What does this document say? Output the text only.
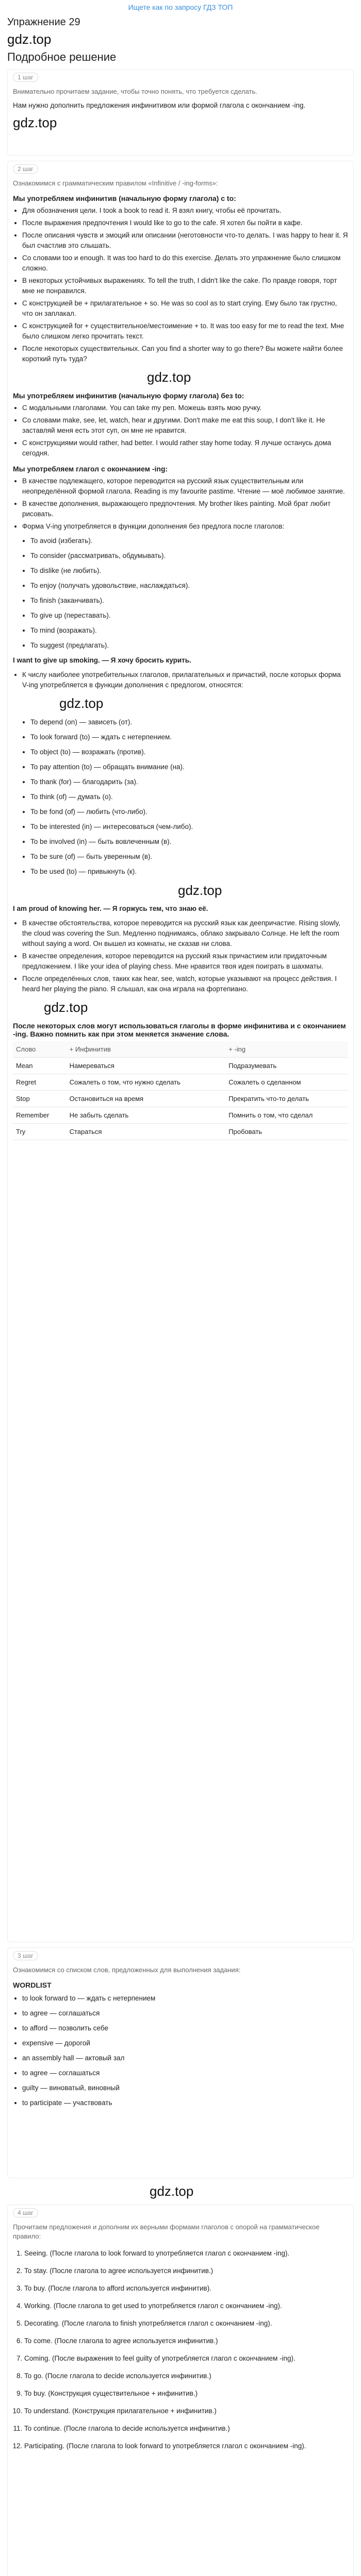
Ищете как по запросу ГДЗ ТОП
Упражнение 29
gdz.top
Подробное решение
1 шаг
Внимательно прочитаем задание, чтобы точно понять, что требуется сделать.
Нам нужно дополнить предложения инфинитивом или формой глагола с окончанием -ing.
gdz.top
2 шаг
Ознакомимся с грамматическим правилом «Infinitive / -ing-forms»:
Мы употребляем инфинитив (начальную форму глагола) с to:
• Для обозначения цели. I took a book to read it. Я взял книгу, чтобы её прочитать.
• После выражения предпочтения I would like to go to the cafe. Я хотел бы пойти в кафе.
• После описания чувств и эмоций или описании (неготовности что-то делать. I was happy to hear it. Я был счастлив это слышать.
• Со словами too и enough. It was too hard to do this exercise. Делать это упражнение было слишком сложно.
• В некоторых устойчивых выражениях. To tell the truth, I didn't like the cake. По правде говоря, торт мне не понравился.
• С конструкцией be + прилагательное + so. He was so cool as to start crying. Ему было так грустно, что он заплакал.
• С конструкцией for + существительное/местоимение + to. It was too easy for me to read the text. Мне было слишком легко прочитать текст.
• После некоторых существительных. Can you find a shorter way to go there? Вы можете найти более короткий путь туда?
gdz.top
Мы употребляем инфинитив (начальную форму глагола) без to:
• С модальными глаголами. You can take my pen. Можешь взять мою ручку.
• Со словами make, see, let, watch, hear и другими. Don't make me eat this soup, I don't like it. Не заставляй меня есть этот суп, он мне не нравится.
• С конструкциями would rather, had better. I would rather stay home today. Я лучше останусь дома сегодня.
Мы употребляем глагол с окончанием -ing:
• В качестве подлежащего, которое переводится на русский язык существительным или неопределённой формой глагола. Reading is my favourite pastime. Чтение — моё любимое занятие.
• В качестве дополнения, выражающего предпочтения. My brother likes painting. Мой брат любит рисовать.
• Форма V-ing употребляется в функции дополнения без предлога после глаголов:
• To avoid (избегать).
• To consider (рассматривать, обдумывать).
• To dislike (не любить).
• To enjoy (получать удовольствие, наслаждаться).
• To finish (заканчивать).
• To give up (переставать).
• To mind (возражать).
• To suggest (предлагать).
I want to give up smoking. — Я хочу бросить курить.
• К числу наиболее употребительных глаголов, прилагательных и причастий, после которых форма V-ing употребляется в функции дополнения с предлогом, относятся:
gdz.top
• To depend (on) — зависеть (от).
• To look forward (to) — ждать с нетерпением.
• To object (to) — возражать (против).
• To pay attention (to) — обращать внимание (на).
• To thank (for) — благодарить (за).
• To think (of) — думать (о).
• To be fond (of) — любить (что-либо).
• To be interested (in) — интересоваться (чем-либо).
• To be involved (in) — быть вовлеченным (в).
• To be sure (of) — быть уверенным (в).
• To be used (to) — привыкнуть (к).
gdz.top
I am proud of knowing her. — Я горжусь тем, что знаю её.
• В качестве обстоятельства, которое переводится на русский язык как деепричастие. Rising slowly, the cloud was covering the Sun. Медленно поднимаясь, облако закрывало Солнце. He left the room without saying a word. Он вышел из комнаты, не сказав ни слова.
• В качестве определения, которое переводится на русский язык причастием или придаточным предложением. I like your idea of playing chess. Мне нравится твоя идея поиграть в шахматы.
• После определённых слов, таких как hear, see, watch, которые указывают на процесс действия. I heard her playing the piano. Я слышал, как она играла на фортепиано.
gdz.top
После некоторых слов могут использоваться глаголы в форме инфинитива и с окончанием -ing. Важно помнить как при этом меняется значение слова.
Слово	+ Инфинитив	+ -ing
Mean	Намереваться	Подразумевать
Regret	Сожалеть о том, что нужно сделать	Сожалеть о сделанном
Stop	Остановиться на время	Прекратить что-то делать
Remember	Не забыть сделать	Помнить о том, что сделал
Try	Стараться	Пробовать
3 шаг
Ознакомимся со списком слов, предложенных для выполнения задания:
WORDLIST
• to look forward to — ждать с нетерпением
• to agree — соглашаться
• to afford — позволить себе
• expensive — дорогой
• an assembly hall — актовый зал
• to agree — соглашаться
• guilty — виноватый, виновный
• to participate — участвовать
gdz.top
4 шаг
Прочитаем предложения и дополним их верными формами глаголов с опорой на грамматическое правило:
1. Seeing. (После глагола to look forward to употребляется глагол с окончанием -ing).
2. To stay. (После глагола to agree используется инфинитив.)
3. To buy. (После глагола to afford используется инфинитив).
4. Working. (После глагола to get used to употребляется глагол с окончанием -ing).
5. Decorating. (После глагола to finish употребляется глагол с окончанием -ing).
6. To come. (После глагола to agree используется инфинитив.)
7. Coming. (После выражения to feel guilty of употребляется глагол с окончанием -ing).
8. To go. (После глагола to decide используется инфинитив.)
9. To buy. (Конструкция существительное + инфинитив.)
10. To understand. (Конструкция прилагательное + инфинитив.)
11. To continue. (После глагола to decide используется инфинитив.)
12. Participating. (После глагола to look forward to употребляется глагол с окончанием -ing).
